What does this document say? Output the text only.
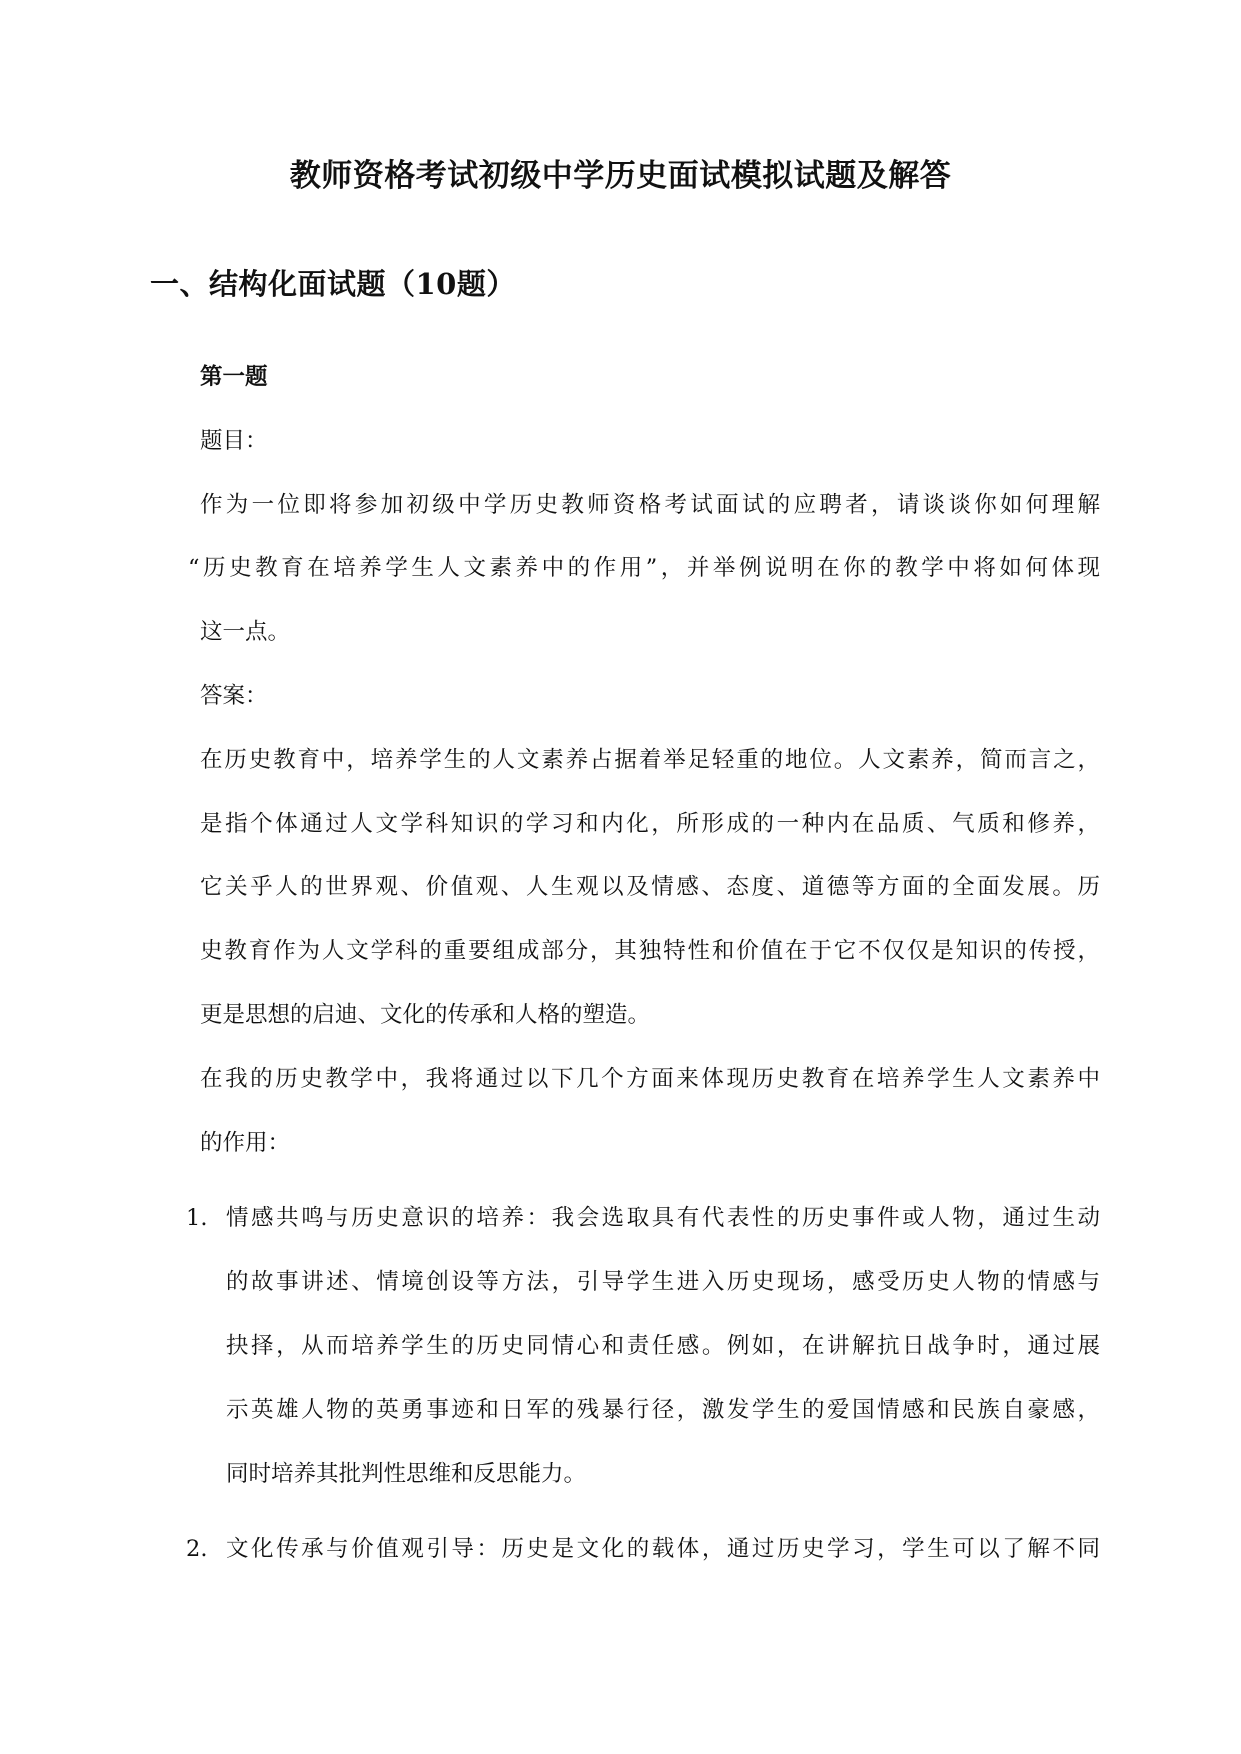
教师资格考试初级中学历史面试模拟试题及解答
一、结构化面试题（10题）

第一题

题目：

作为一位即将参加初级中学历史教师资格考试面试的应聘者，请谈谈你如何理解

“历史教育在培养学生人文素养中的作用”，并举例说明在你的教学中将如何体现

这一点。

答案：

在历史教育中，培养学生的人文素养占据着举足轻重的地位。人文素养，简而言之，

是指个体通过人文学科知识的学习和内化，所形成的一种内在品质、气质和修养，

它关乎人的世界观、价值观、人生观以及情感、态度、道德等方面的全面发展。历

史教育作为人文学科的重要组成部分，其独特性和价值在于它不仅仅是知识的传授，

更是思想的启迪、文化的传承和人格的塑造。

在我的历史教学中，我将通过以下几个方面来体现历史教育在培养学生人文素养中

的作用：

1. 情感共鸣与历史意识的培养：我会选取具有代表性的历史事件或人物，通过生动
的故事讲述、情境创设等方法，引导学生进入历史现场，感受历史人物的情感与
抉择，从而培养学生的历史同情心和责任感。例如，在讲解抗日战争时，通过展
示英雄人物的英勇事迹和日军的残暴行径，激发学生的爱国情感和民族自豪感，
同时培养其批判性思维和反思能力。
2. 文化传承与价值观引导：历史是文化的载体，通过历史学习，学生可以了解不同
